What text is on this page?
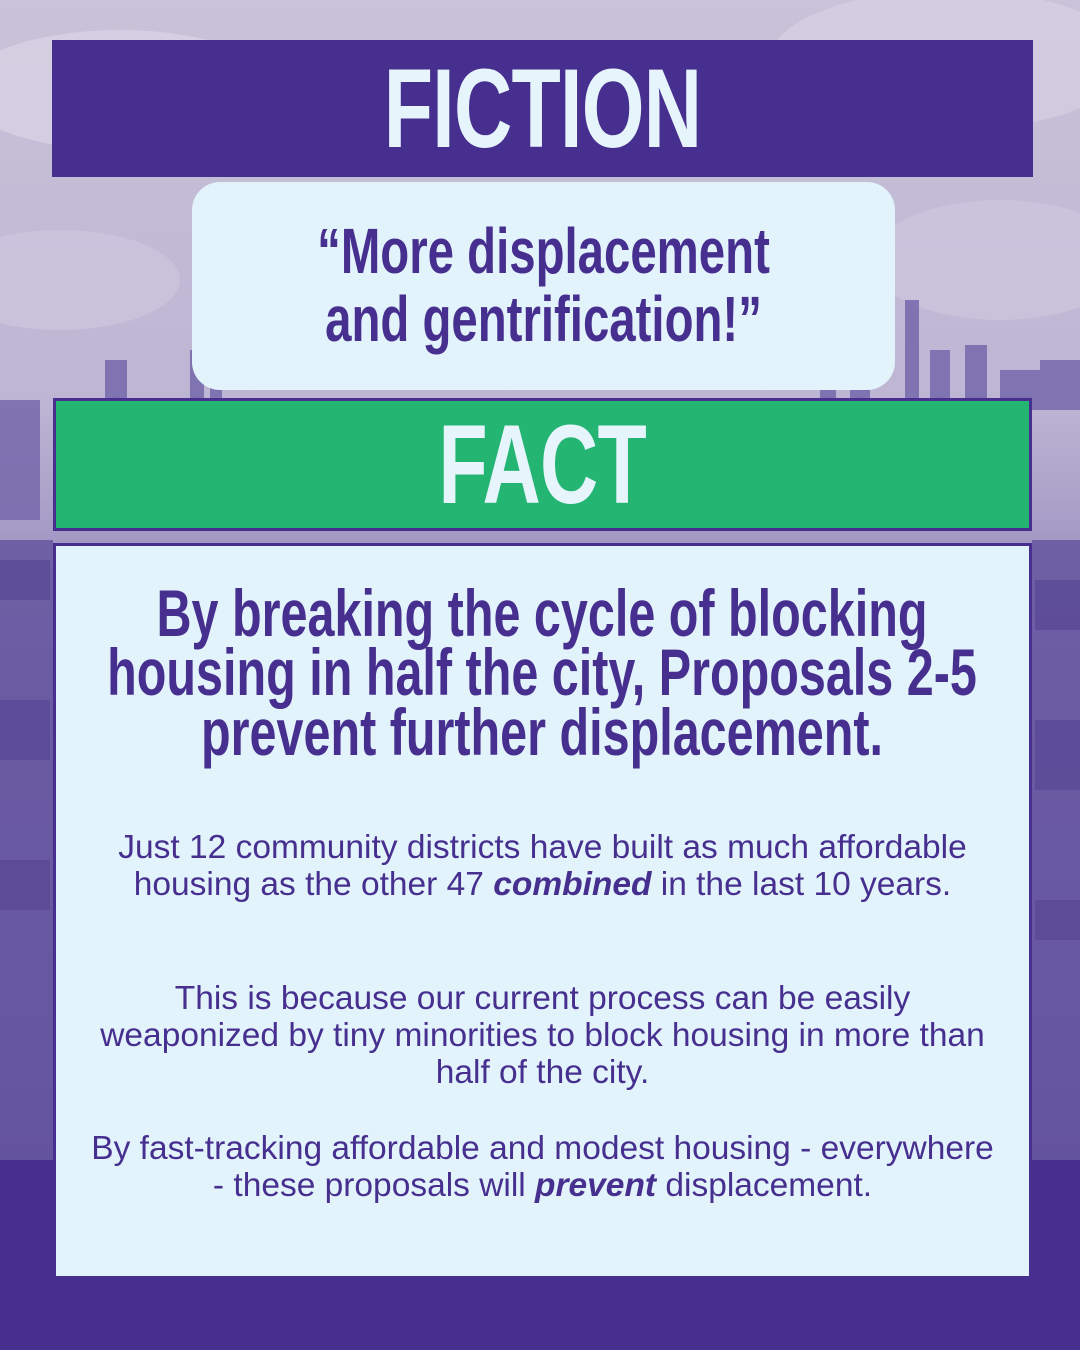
FICTION
“More displacement and gentrification!”
FACT
By breaking the cycle of blocking housing in half the city, Proposals 2-5 prevent further displacement.
Just 12 community districts have built as much affordable housing as the other 47 combined in the last 10 years.
This is because our current process can be easily weaponized by tiny minorities to block housing in more than half of the city.
By fast-tracking affordable and modest housing - everywhere - these proposals will prevent displacement.
